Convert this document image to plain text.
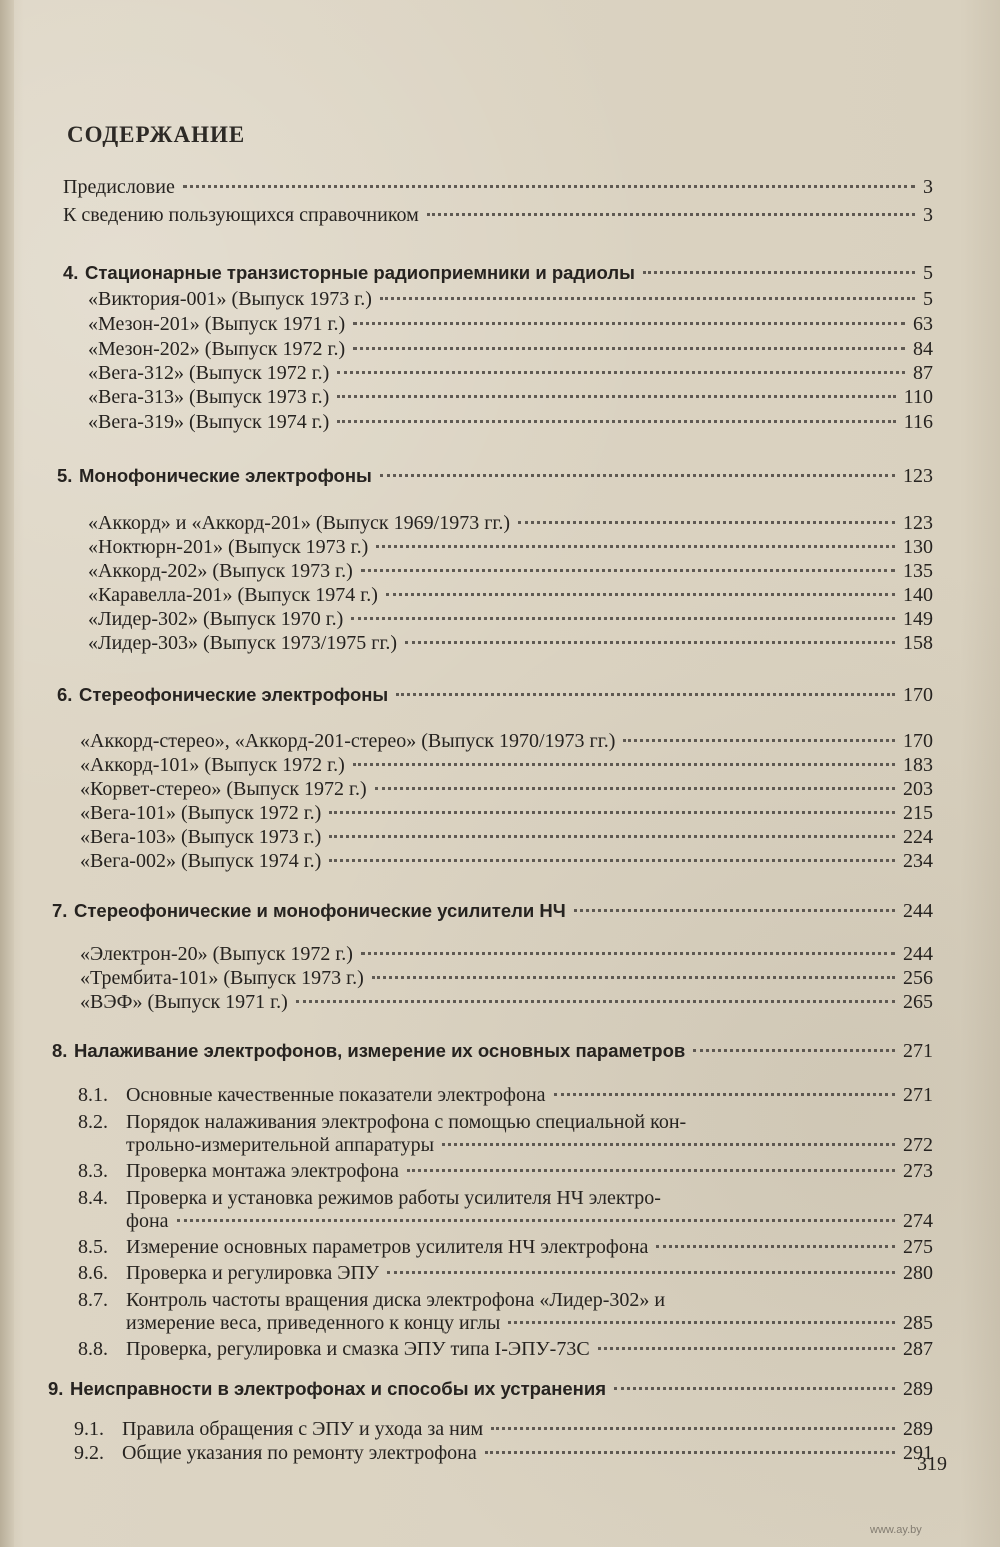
СОДЕРЖАНИЕ
Предисловие	3
К сведению пользующихся справочником	3
4. Стационарные транзисторные радиоприемники и радиолы	5
«Виктория-001» (Выпуск 1973 г.)	5
«Мезон-201» (Выпуск 1971 г.)	63
«Мезон-202» (Выпуск 1972 г.)	84
«Вега-312» (Выпуск 1972 г.)	87
«Вега-313» (Выпуск 1973 г.)	110
«Вега-319» (Выпуск 1974 г.)	116
5. Монофонические электрофоны	123
«Аккорд» и «Аккорд-201» (Выпуск 1969/1973 гг.)	123
«Ноктюрн-201» (Выпуск 1973 г.)	130
«Аккорд-202» (Выпуск 1973 г.)	135
«Каравелла-201» (Выпуск 1974 г.)	140
«Лидер-302» (Выпуск 1970 г.)	149
«Лидер-303» (Выпуск 1973/1975 гг.)	158
6. Стереофонические электрофоны	170
«Аккорд-стерео», «Аккорд-201-стерео» (Выпуск 1970/1973 гг.)	170
«Аккорд-101» (Выпуск 1972 г.)	183
«Корвет-стерео» (Выпуск 1972 г.)	203
«Вега-101» (Выпуск 1972 г.)	215
«Вега-103» (Выпуск 1973 г.)	224
«Вега-002» (Выпуск 1974 г.)	234
7. Стереофонические и монофонические усилители НЧ	244
«Электрон-20» (Выпуск 1972 г.)	244
«Трембита-101» (Выпуск 1973 г.)	256
«ВЭФ» (Выпуск 1971 г.)	265
8. Налаживание электрофонов, измерение их основных параметров	271
8.1. Основные качественные показатели электрофона	271
8.2. Порядок налаживания электрофона с помощью специальной кон-
трольно-измерительной аппаратуры	272
8.3. Проверка монтажа электрофона	273
8.4. Проверка и установка режимов работы усилителя НЧ электро-
фона	274
8.5. Измерение основных параметров усилителя НЧ электрофона	275
8.6. Проверка и регулировка ЭПУ	280
8.7. Контроль частоты вращения диска электрофона «Лидер-302» и
измерение веса, приведенного к концу иглы	285
8.8. Проверка, регулировка и смазка ЭПУ типа I-ЭПУ-73С	287
9. Неисправности в электрофонах и способы их устранения	289
9.1. Правила обращения с ЭПУ и ухода за ним	289
9.2. Общие указания по ремонту электрофона	291
319
www.ay.by
